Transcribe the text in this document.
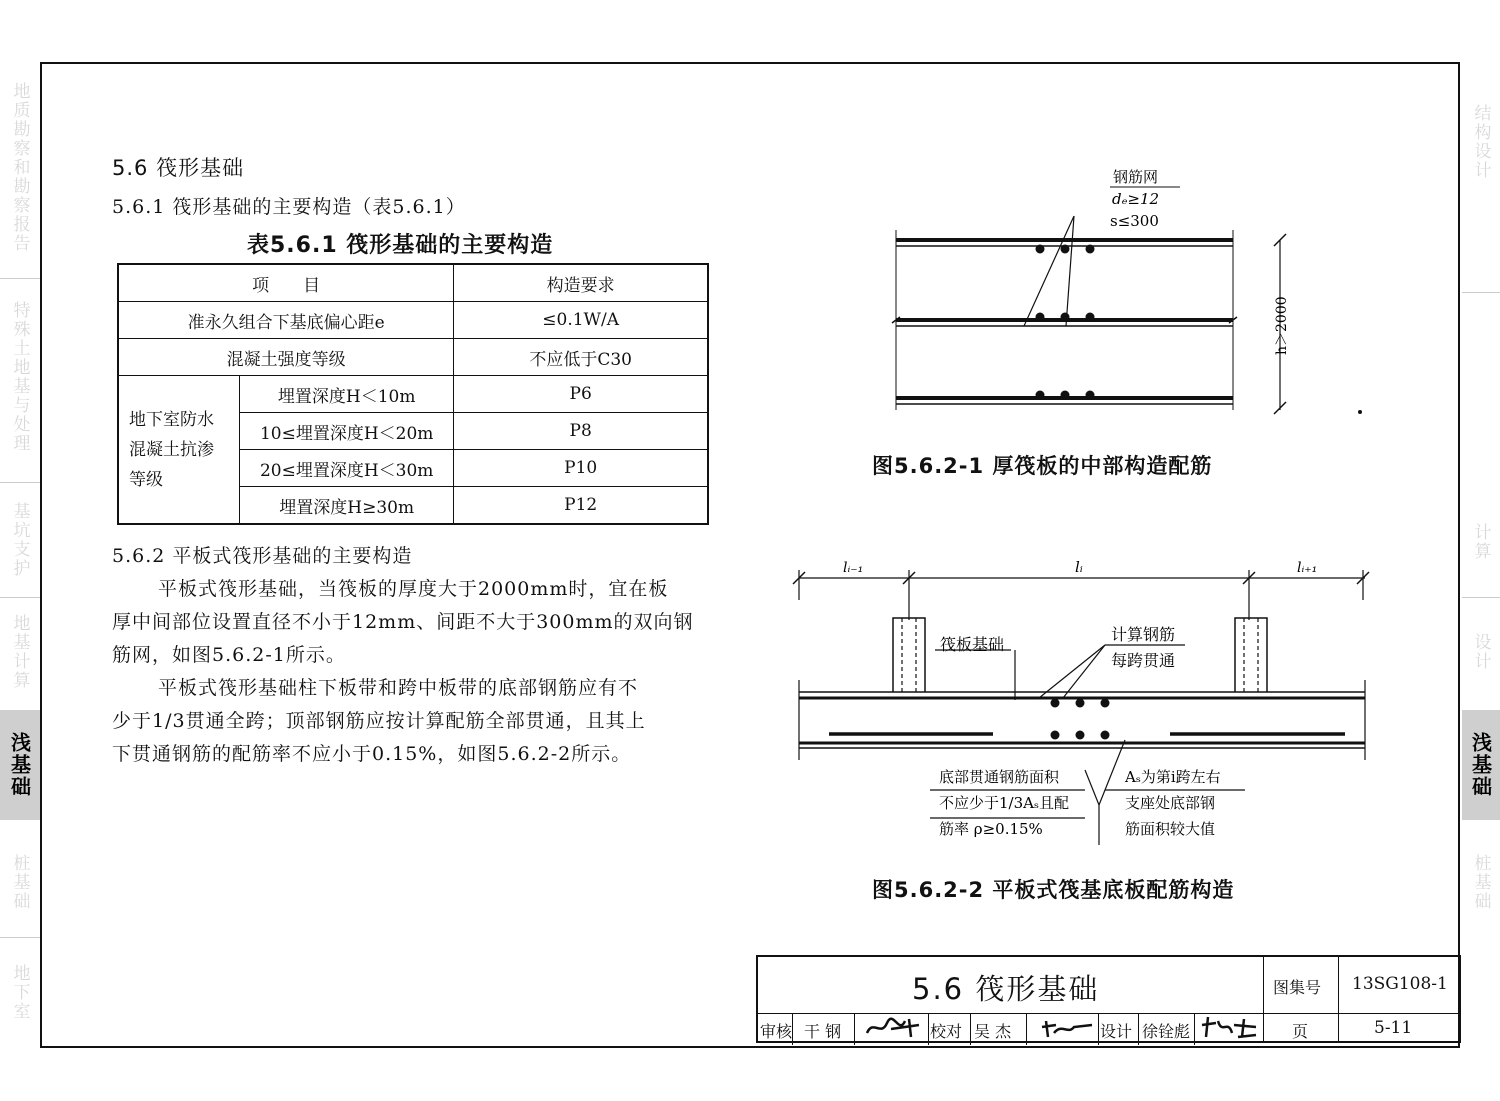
地质勘察和勘察报告
特殊土地基与处理
基坑支护
地基计算
浅基础
桩基础
地下室
结构设计
计算
设计
浅基础
桩基础
5.6 筏形基础
5.6.1 筏形基础的主要构造（表5.6.1）
表5.6.1 筏形基础的主要构造
项　　目		构造要求
准永久组合下基底偏心距e		≤0.1W/A
混凝土强度等级		不应低于C30

地下室防水
混凝土抗渗
等级	埋置深度H＜10m	P6
	10≤埋置深度H＜20m	P8
	20≤埋置深度H＜30m	P10
	埋置深度H≥30m	P12
5.6.2 平板式筏形基础的主要构造
平板式筏形基础，当筏板的厚度大于2000mm时，宜在板
厚中间部位设置直径不小于12mm、间距不大于300mm的双向钢
筋网，如图5.6.2-1所示。
平板式筏形基础柱下板带和跨中板带的底部钢筋应有不
少于1/3贯通全跨；顶部钢筋应按计算配筋全部贯通，且其上
下贯通钢筋的配筋率不应小于0.15%，如图5.6.2-2所示。
钢筋网
dₑ≥12
s≤300
h＞2000
图5.6.2-1 厚筏板的中部构造配筋
lᵢ₋₁	lᵢ	lᵢ₊₁
筏板基础
计算钢筋
每跨贯通
底部贯通钢筋面积
不应少于1/3Aₛ且配
筋率 ρ≥0.15%
Aₛ为第i跨左右
支座处底部钢
筋面积较大值
图5.6.2-2 平板式筏基底板配筋构造
5.6 筏形基础	图集号 13SG108-1
审核 干 钢	校对 吴 杰	设计 徐铨彪	页	5-11
